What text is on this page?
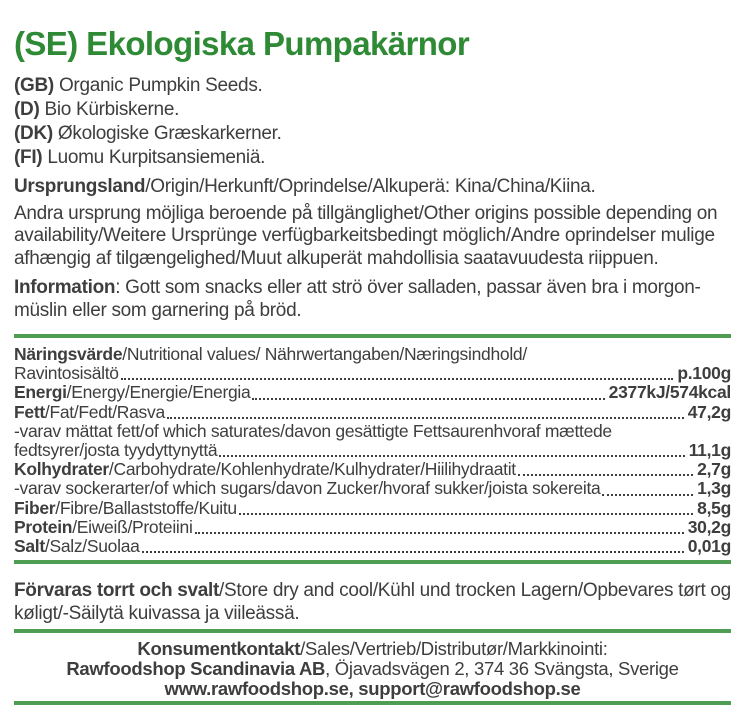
(SE) Ekologiska Pumpakärnor
(GB) Organic Pumpkin Seeds.
(D) Bio Kürbiskerne.
(DK) Økologiske Græskarkerner.
(FI) Luomu Kurpitsansiemeniä.

Ursprungsland/Origin/Herkunft/Oprindelse/Alkuperä: Kina/China/Kiina.

Andra ursprung möjliga beroende på tillgänglighet/Other origins possible depending on availability/Weitere Ursprünge verfügbarkeitsbedingt möglich/Andre oprindelser mulige afhængig af tilgængelighed/Muut alkuperät mahdollisia saatavuudesta riippuen.

Information: Gott som snacks eller att strö över salladen, passar även bra i morgon-müslin eller som garnering på bröd.

Näringsvärde/Nutritional values/ Nährwertangaben/Næringsindhold/
Ravintosisältö	p.100g
Energi/Energy/Energie/Energia	2377kJ/574kcal
Fett/Fat/Fedt/Rasva	47,2g
-varav mättat fett/of which saturates/davon gesättigte Fettsaurenhvoraf mættede
fedtsyrer/josta tyydyttynyttä	11,1g
Kolhydrater/Carbohydrate/Kohlenhydrate/Kulhydrater/Hiilihydraatit	2,7g
-varav sockerarter/of which sugars/davon Zucker/hvoraf sukker/joista sokereita	1,3g
Fiber/Fibre/Ballaststoffe/Kuitu	8,5g
Protein/Eiweiß/Proteiini	30,2g
Salt/Salz/Suolaa	0,01g

Förvaras torrt och svalt/Store dry and cool/Kühl und trocken Lagern/Opbevares tørt og køligt/-Säilytä kuivassa ja viileässä.

Konsumentkontakt/Sales/Vertrieb/Distributør/Markkinointi:
Rawfoodshop Scandinavia AB, Öjavadsvägen 2, 374 36 Svängsta, Sverige
www.rawfoodshop.se, support@rawfoodshop.se
